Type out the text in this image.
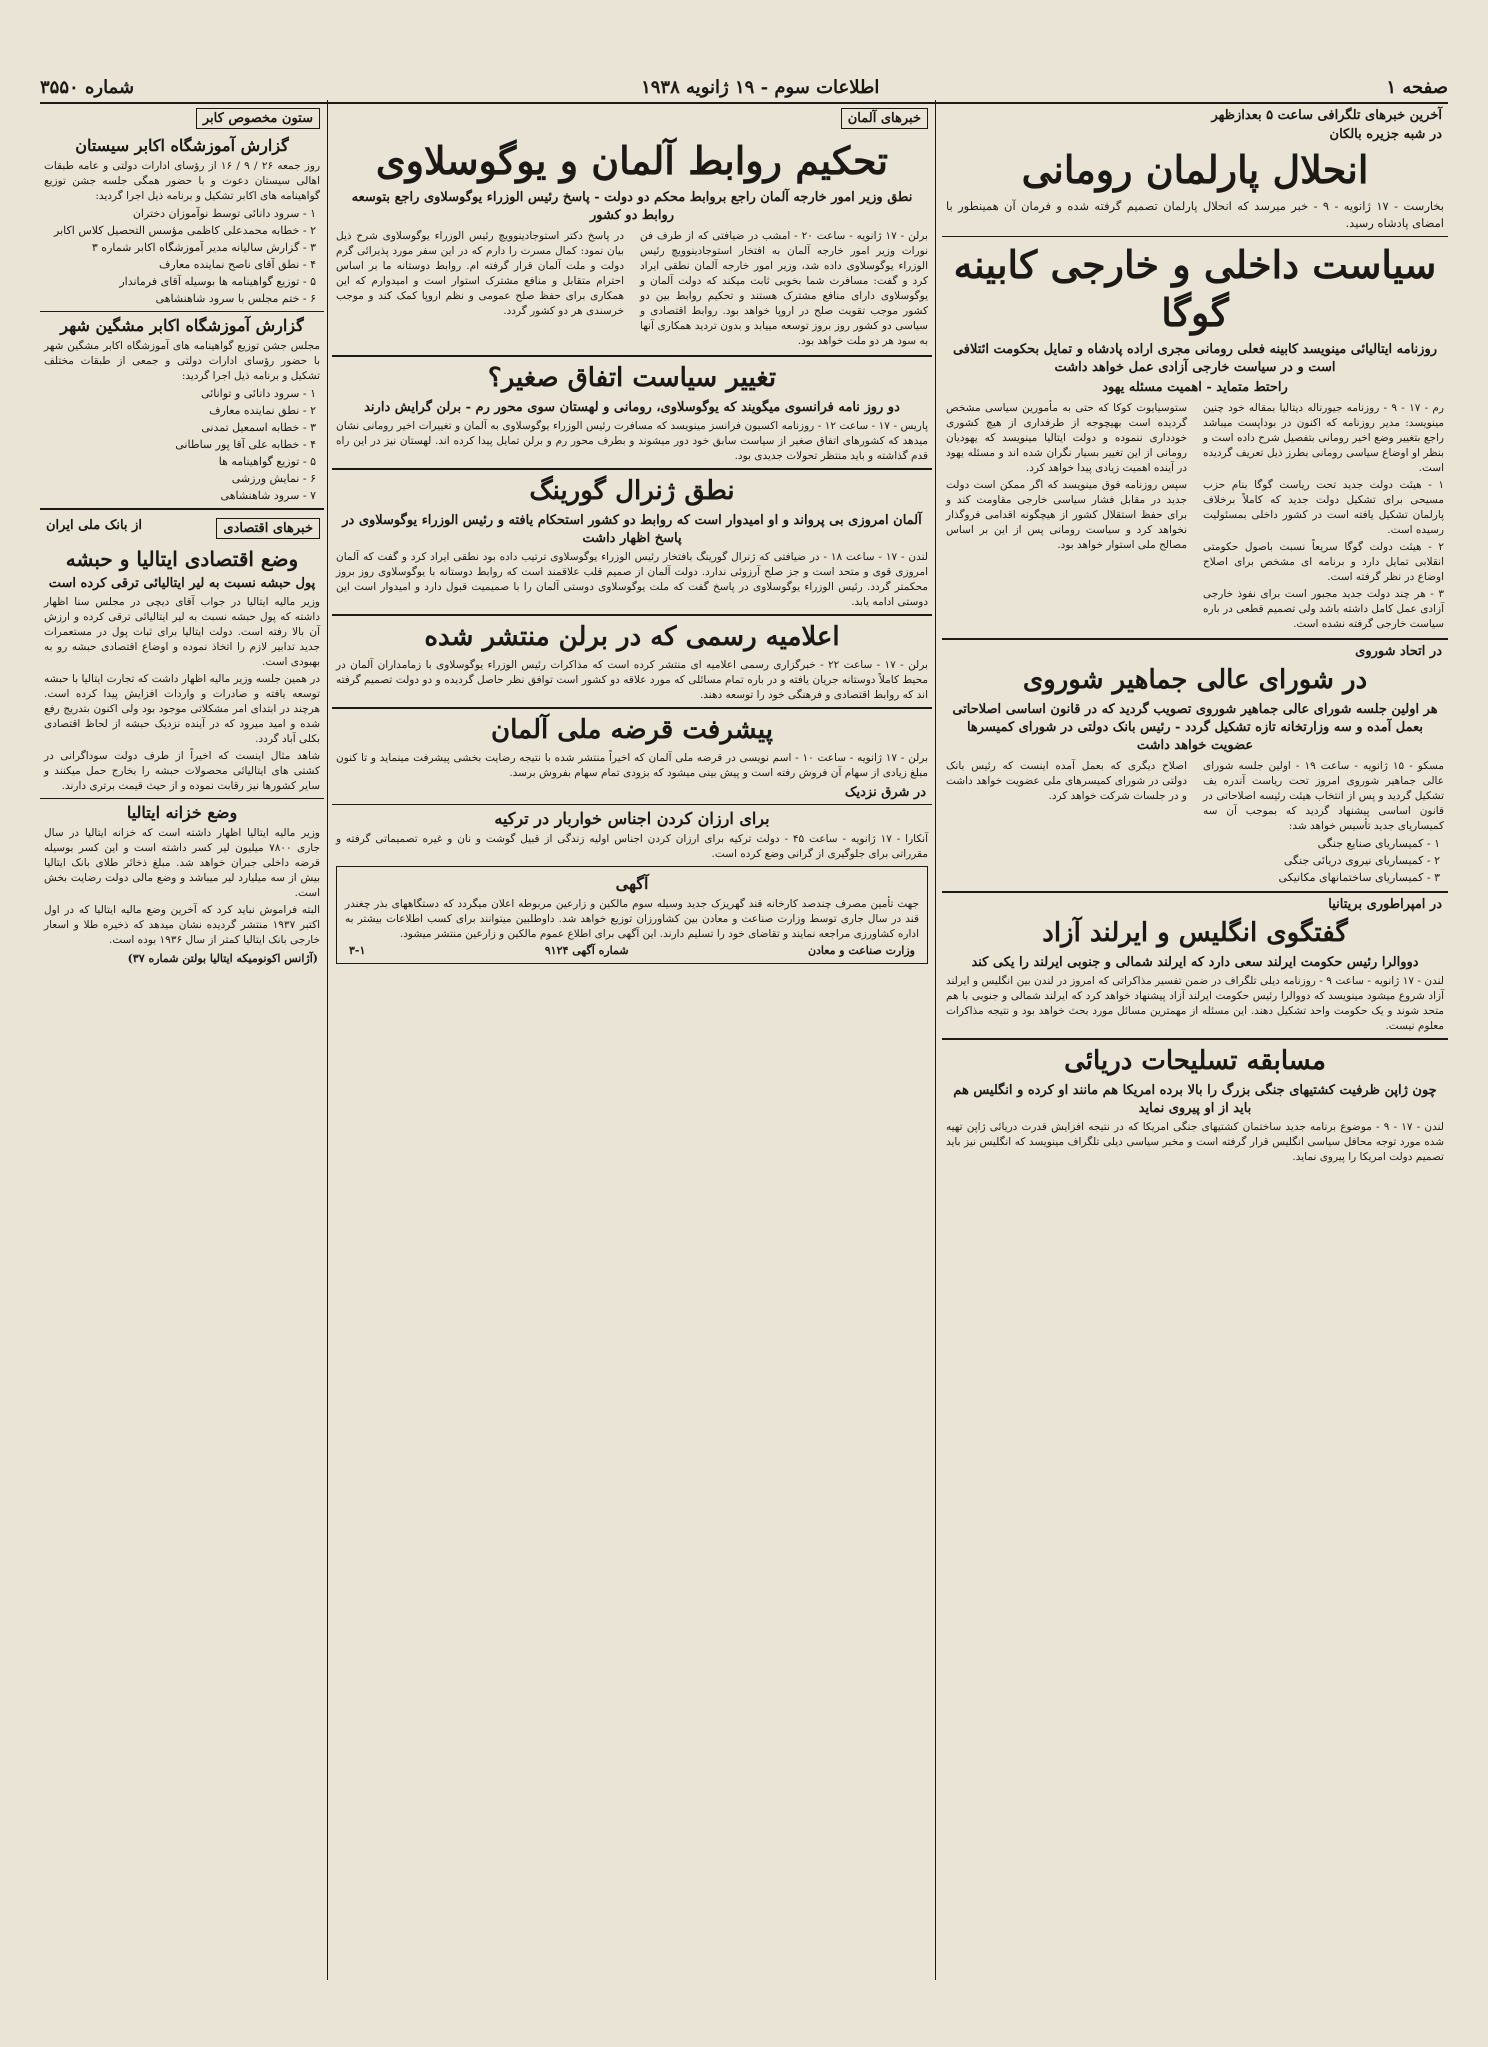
صفحه ۱
اطلاعات سوم - ۱۹ ژانویه ۱۹۳۸
شماره ۳۵۵۰
آخرین خبرهای تلگرافی ساعت ۵ بعدازظهر
در شبه جزیره بالکان
انحلال پارلمان رومانی
بخارست - ۱۷ ژانویه - ۹ - خبر میرسد که انحلال پارلمان تصمیم گرفته شده و فرمان آن همینطور با امضای پادشاه رسید.
سیاست داخلی و خارجی کابینه گوگا
روزنامه ایتالیائی مینویسد کابینه فعلی رومانی مجری اراده پادشاه و تمایل بحکومت ائتلافی است و در سیاست خارجی آزادی عمل خواهد داشت
راحتط متماید - اهمیت مسئله یهود
رم - ۱۷ - ۹ - روزنامه جیورناله دیتالیا بمقاله خود چنین مینویسد: مدیر روزنامه که اکنون در بوداپست میباشد راجع بتغییر وضع اخیر رومانی بتفصیل شرح داده است و بنظر او اوضاع سیاسی رومانی بطرز ذیل تعریف گردیده است.
۱ - هیئت دولت جدید تحت ریاست گوگا بنام حزب مسیحی برای تشکیل دولت جدید که کاملاً برخلاف پارلمان تشکیل یافته است در کشور داخلی بمسئولیت رسیده است.
۲ - هیئت دولت گوگا سریعاً نسبت باصول حکومتی انقلابی تمایل دارد و برنامه ای مشخص برای اصلاح اوضاع در نظر گرفته است.
۳ - هر چند دولت جدید مجبور است برای نفوذ خارجی آزادی عمل کامل داشته باشد ولی تصمیم قطعی در باره سیاست خارجی گرفته نشده است.
ستوسیایوت کوکا که حتی به مأمورین سیاسی مشخص گردیده است بهیچوجه از طرفداری از هیچ کشوری خودداری ننموده و دولت ایتالیا مینویسد که یهودیان رومانی از این تغییر بسیار نگران شده اند و مسئله یهود در آینده اهمیت زیادی پیدا خواهد کرد.
سپس روزنامه فوق مینویسد که اگر ممکن است دولت جدید در مقابل فشار سیاسی خارجی مقاومت کند و برای حفظ استقلال کشور از هیچگونه اقدامی فروگذار نخواهد کرد و سیاست رومانی پس از این بر اساس مصالح ملی استوار خواهد بود.
در اتحاد شوروی
در شورای عالی جماهیر شوروی
هر اولین جلسه شورای عالی جماهیر شوروی تصویب گردید که در قانون اساسی اصلاحاتی بعمل آمده و سه وزارتخانه تازه تشکیل گردد - رئیس بانک دولتی در شورای کمیسرها عضویت خواهد داشت
مسکو - ۱۵ ژانویه - ساعت ۱۹ - اولین جلسه شورای عالی جماهیر شوروی امروز تحت ریاست آندره یف تشکیل گردید و پس از انتخاب هیئت رئیسه اصلاحاتی در قانون اساسی پیشنهاد گردید که بموجب آن سه کمیساریای جدید تأسیس خواهد شد:
۱ - کمیساریای صنایع جنگی
۲ - کمیساریای نیروی دریائی جنگی
۳ - کمیساریای ساختمانهای مکانیکی
اصلاح دیگری که بعمل آمده اینست که رئیس بانک دولتی در شورای کمیسرهای ملی عضویت خواهد داشت و در جلسات شرکت خواهد کرد.
در امپراطوری بریتانیا
گفتگوی انگلیس و ایرلند آزاد
دووالرا رئیس حکومت ایرلند سعی دارد که ایرلند شمالی و جنوبی ایرلند را یکی کند
لندن - ۱۷ ژانویه - ساعت ۹ - روزنامه دیلی تلگراف در ضمن تفسیر مذاکراتی که امروز در لندن بین انگلیس و ایرلند آزاد شروع میشود مینویسد که دووالرا رئیس حکومت ایرلند آزاد پیشنهاد خواهد کرد که ایرلند شمالی و جنوبی با هم متحد شوند و یک حکومت واحد تشکیل دهند. این مسئله از مهمترین مسائل مورد بحث خواهد بود و نتیجه مذاکرات معلوم نیست.
مسابقه تسلیحات دریائی
چون ژاپن ظرفیت کشتیهای جنگی بزرگ را بالا برده امریکا هم مانند او کرده و انگلیس هم باید از او پیروی نماید
لندن - ۱۷ - ۹ - موضوع برنامه جدید ساختمان کشتیهای جنگی امریکا که در نتیجه افزایش قدرت دریائی ژاپن تهیه شده مورد توجه محافل سیاسی انگلیس قرار گرفته است و مخبر سیاسی دیلی تلگراف مینویسد که انگلیس نیز باید تصمیم دولت امریکا را پیروی نماید.
خبرهای آلمان
تحکیم روابط آلمان و یوگوسلاوی
نطق وزیر امور خارجه آلمان راجع بروابط محکم دو دولت - پاسخ رئیس الوزراء یوگوسلاوی راجع بتوسعه روابط دو کشور
برلن - ۱۷ ژانویه - ساعت ۲۰ - امشب در ضیافتی که از طرف فن نورات وزیر امور خارجه آلمان به افتخار استوجادینوویچ رئیس الوزراء یوگوسلاوی داده شد، وزیر امور خارجه آلمان نطقی ایراد کرد و گفت: مسافرت شما بخوبی ثابت میکند که دولت آلمان و یوگوسلاوی دارای منافع مشترک هستند و تحکیم روابط بین دو کشور موجب تقویت صلح در اروپا خواهد بود. روابط اقتصادی و سیاسی دو کشور روز بروز توسعه مییابد و بدون تردید همکاری آنها به سود هر دو ملت خواهد بود.
در پاسخ دکتر استوجادینوویچ رئیس الوزراء یوگوسلاوی شرح ذیل بیان نمود: کمال مسرت را دارم که در این سفر مورد پذیرائی گرم دولت و ملت آلمان قرار گرفته ام. روابط دوستانه ما بر اساس احترام متقابل و منافع مشترک استوار است و امیدوارم که این همکاری برای حفظ صلح عمومی و نظم اروپا کمک کند و موجب خرسندی هر دو کشور گردد.
تغییر سیاست اتفاق صغیر؟
دو روز نامه فرانسوی میگویند که یوگوسلاوی، رومانی و لهستان سوی محور رم - برلن گرایش دارند
پاریس - ۱۷ - ساعت ۱۲ - روزنامه اکسیون فرانسز مینویسد که مسافرت رئیس الوزراء یوگوسلاوی به آلمان و تغییرات اخیر رومانی نشان میدهد که کشورهای اتفاق صغیر از سیاست سابق خود دور میشوند و بطرف محور رم و برلن تمایل پیدا کرده اند. لهستان نیز در این راه قدم گذاشته و باید منتظر تحولات جدیدی بود.
نطق ژنرال گورینگ
آلمان امروزی بی پرواند و او امیدوار است که روابط دو کشور استحکام یافته و رئیس الوزراء یوگوسلاوی در پاسخ اظهار داشت
لندن - ۱۷ - ساعت ۱۸ - در ضیافتی که ژنرال گورینگ بافتخار رئیس الوزراء یوگوسلاوی ترتیب داده بود نطقی ایراد کرد و گفت که آلمان امروزی قوی و متحد است و جز صلح آرزوئی ندارد. دولت آلمان از صمیم قلب علاقمند است که روابط دوستانه با یوگوسلاوی روز بروز محکمتر گردد. رئیس الوزراء یوگوسلاوی در پاسخ گفت که ملت یوگوسلاوی دوستی آلمان را با صمیمیت قبول دارد و امیدوار است این دوستی ادامه یابد.
اعلامیه رسمی که در برلن منتشر شده
برلن - ۱۷ - ساعت ۲۲ - خبرگزاری رسمی اعلامیه ای منتشر کرده است که مذاکرات رئیس الوزراء یوگوسلاوی با زمامداران آلمان در محیط کاملاً دوستانه جریان یافته و در باره تمام مسائلی که مورد علاقه دو کشور است توافق نظر حاصل گردیده و دو دولت تصمیم گرفته اند که روابط اقتصادی و فرهنگی خود را توسعه دهند.
پیشرفت قرضه ملی آلمان
برلن - ۱۷ ژانویه - ساعت ۱۰ - اسم نویسی در قرضه ملی آلمان که اخیراً منتشر شده با نتیجه رضایت بخشی پیشرفت مینماید و تا کنون مبلغ زیادی از سهام آن فروش رفته است و پیش بینی میشود که بزودی تمام سهام بفروش برسد.
در شرق نزدیک
برای ارزان کردن اجناس خواربار در ترکیه
آنکارا - ۱۷ ژانویه - ساعت ۴۵ - دولت ترکیه برای ارزان کردن اجناس اولیه زندگی از قبیل گوشت و نان و غیره تصمیماتی گرفته و مقرراتی برای جلوگیری از گرانی وضع کرده است.
آگهی
جهت تأمین مصرف چندصد کارخانه قند گهریزک جدید وسیله سوم مالکین و زارعین مربوطه اعلان میگردد که دستگاههای بذر چغندر قند در سال جاری توسط وزارت صناعت و معادن بین کشاورزان توزیع خواهد شد. داوطلبین میتوانند برای کسب اطلاعات بیشتر به اداره کشاورزی مراجعه نمایند و تقاضای خود را تسلیم دارند. این آگهی برای اطلاع عموم مالکین و زارعین منتشر میشود.
وزارت صناعت و معادن
شماره آگهی ۹۱۲۴
۳-۱
ستون مخصوص کابر
گزارش آموزشگاه اکابر سیستان
روز جمعه ۲۶ / ۹ / ۱۶ از رؤسای ادارات دولتی و عامه طبقات اهالی سیستان دعوت و با حضور همگی جلسه جشن توزیع گواهینامه های اکابر تشکیل و برنامه ذیل اجرا گردید:
۱ - سرود دانائی توسط نوآموزان دختران
۲ - خطابه محمدعلی کاظمی مؤسس التحصیل کلاس اکابر
۳ - گزارش سالیانه مدیر آموزشگاه اکابر شماره ۳
۴ - نطق آقای ناصح نماینده معارف
۵ - توزیع گواهینامه ها بوسیله آقای فرماندار
۶ - ختم مجلس با سرود شاهنشاهی
گزارش آموزشگاه اکابر مشگین شهر
مجلس جشن توزیع گواهینامه های آموزشگاه اکابر مشگین شهر با حضور رؤسای ادارات دولتی و جمعی از طبقات مختلف تشکیل و برنامه ذیل اجرا گردید:
۱ - سرود دانائی و توانائی
۲ - نطق نماینده معارف
۳ - خطابه اسمعیل تمدنی
۴ - خطابه علی آقا پور ساطانی
۵ - توزیع گواهینامه ها
۶ - نمایش ورزشی
۷ - سرود شاهنشاهی
خبرهای اقتصادی
از بانک ملی ایران
وضع اقتصادی ایتالیا و حبشه
پول حبشه نسبت به لیر ایتالیائی ترقی کرده است
وزیر مالیه ایتالیا در جواب آقای دیچی در مجلس سنا اظهار داشته که پول حبشه نسبت به لیر ایتالیائی ترقی کرده و ارزش آن بالا رفته است. دولت ایتالیا برای ثبات پول در مستعمرات جدید تدابیر لازم را اتخاذ نموده و اوضاع اقتصادی حبشه رو به بهبودی است.
در همین جلسه وزیر مالیه اظهار داشت که تجارت ایتالیا با حبشه توسعه یافته و صادرات و واردات افزایش پیدا کرده است. هرچند در ابتدای امر مشکلاتی موجود بود ولی اکنون بتدریج رفع شده و امید میرود که در آینده نزدیک حبشه از لحاظ اقتصادی بکلی آباد گردد.
شاهد مثال اینست که اخیراً از طرف دولت سوداگرانی در کشتی های ایتالیائی محصولات حبشه را بخارج حمل میکنند و سایر کشورها نیز رقابت نموده و از حیث قیمت برتری دارند.
وضع خزانه ایتالیا
وزیر مالیه ایتالیا اظهار داشته است که خزانه ایتالیا در سال جاری ۷۸۰۰ میلیون لیر کسر داشته است و این کسر بوسیله قرضه داخلی جبران خواهد شد. مبلغ ذخائر طلای بانک ایتالیا بیش از سه میلیارد لیر میباشد و وضع مالی دولت رضایت بخش است.
البته فراموش نباید کرد که آخرین وضع مالیه ایتالیا که در اول اکتبر ۱۹۳۷ منتشر گردیده نشان میدهد که ذخیره طلا و اسعار خارجی بانک ایتالیا کمتر از سال ۱۹۳۶ بوده است.
(آژانس اکونومیکه ایتالیا بولتن شماره ۳۷)
